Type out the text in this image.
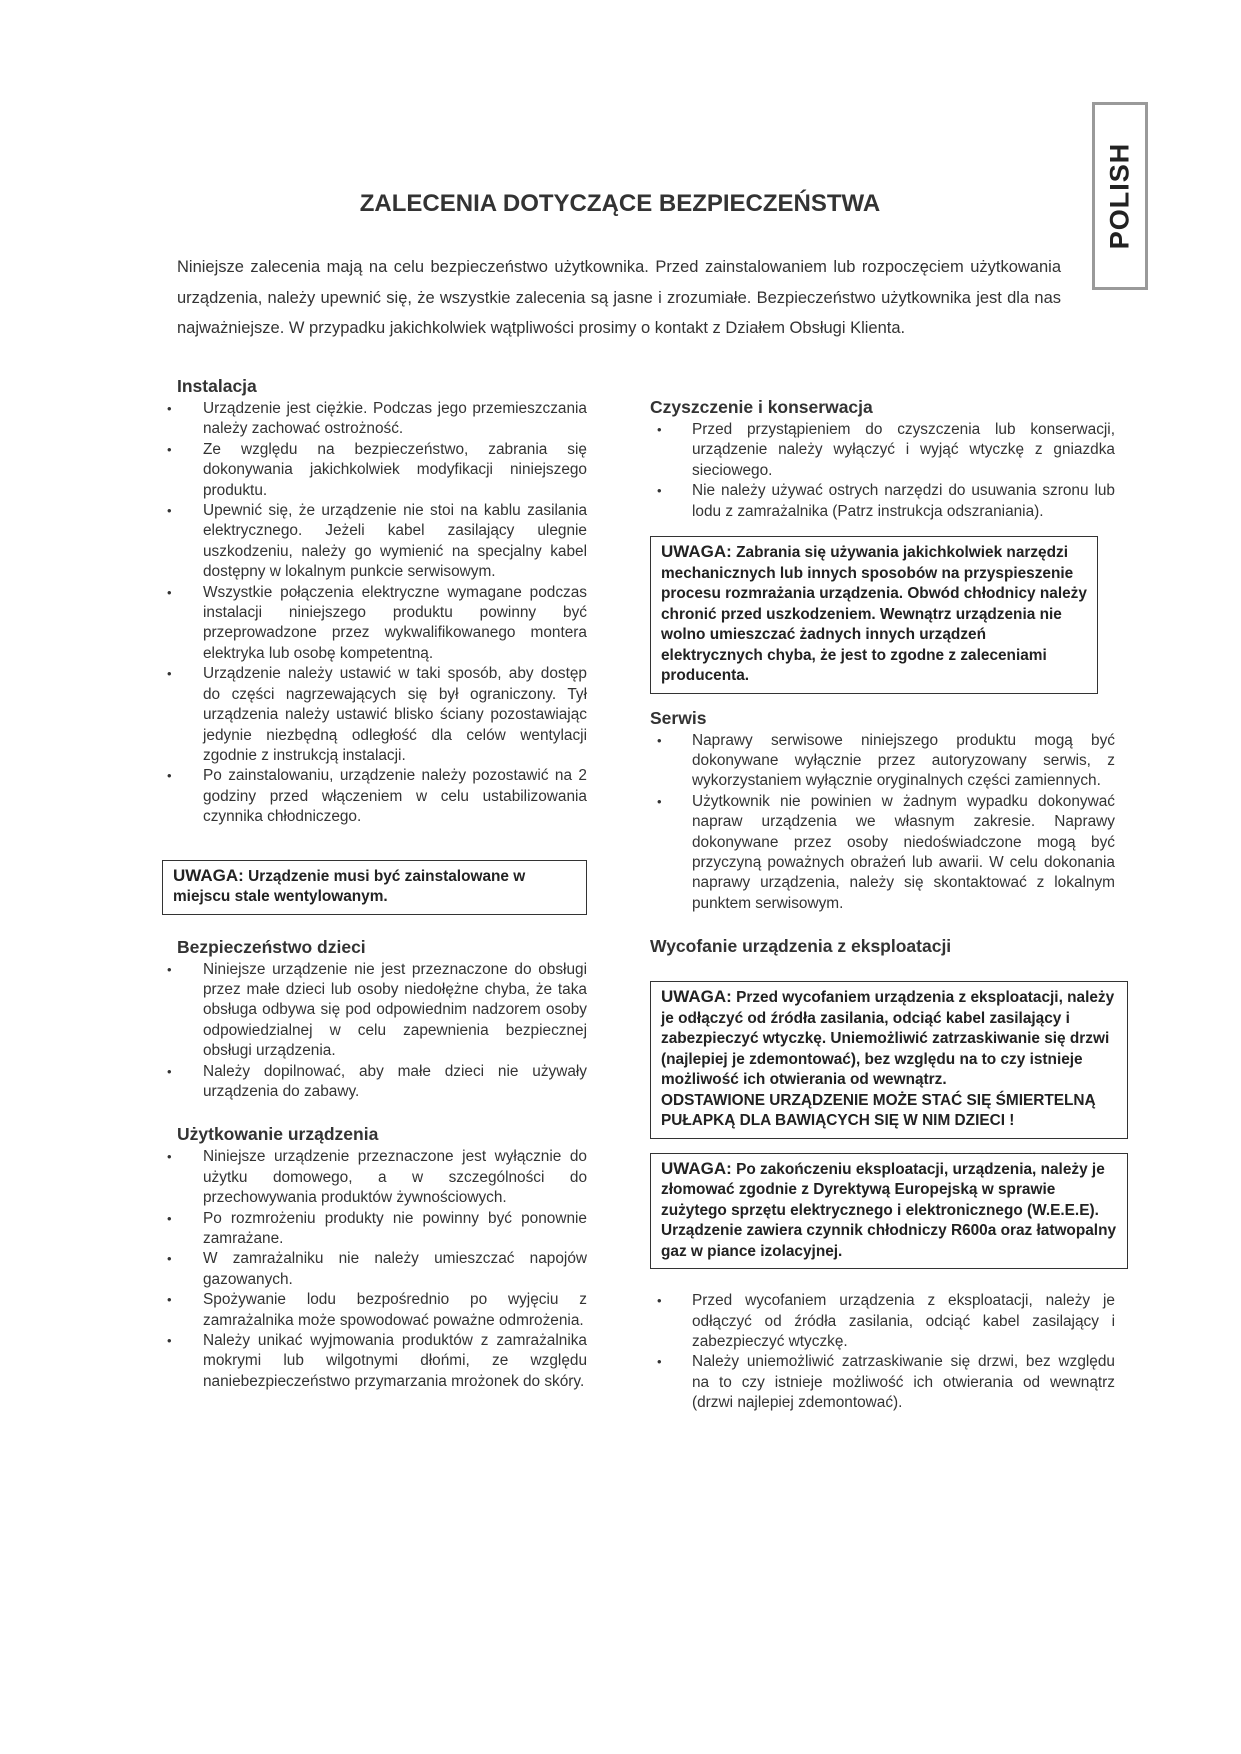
POLISH
ZALECENIA DOTYCZĄCE BEZPIECZEŃSTWA

Niniejsze zalecenia mają na celu bezpieczeństwo użytkownika. Przed zainstalowaniem lub rozpoczęciem użytkowania urządzenia, należy upewnić się, że wszystkie zalecenia są jasne i zrozumiałe. Bezpieczeństwo użytkownika jest dla nas najważniejsze. W przypadku jakichkolwiek wątpliwości prosimy o kontakt z Działem Obsługi Klienta.

Instalacja
• Urządzenie jest ciężkie. Podczas jego przemieszczania należy zachować ostrożność.
• Ze względu na bezpieczeństwo, zabrania się dokonywania jakichkolwiek modyfikacji niniejszego produktu.
• Upewnić się, że urządzenie nie stoi na kablu zasilania elektrycznego. Jeżeli kabel zasilający ulegnie uszkodzeniu, należy go wymienić na specjalny kabel dostępny w lokalnym punkcie serwisowym.
• Wszystkie połączenia elektryczne wymagane podczas instalacji niniejszego produktu powinny być przeprowadzone przez wykwalifikowanego montera elektryka lub osobę kompetentną.
• Urządzenie należy ustawić w taki sposób, aby dostęp do części nagrzewających się był ograniczony. Tył urządzenia należy ustawić blisko ściany pozostawiając jedynie niezbędną odległość dla celów wentylacji zgodnie z instrukcją instalacji.
• Po zainstalowaniu, urządzenie należy pozostawić na 2 godziny przed włączeniem w celu ustabilizowania czynnika chłodniczego.
UWAGA: Urządzenie musi być zainstalowane w miejscu stale wentylowanym.
Bezpieczeństwo dzieci
• Niniejsze urządzenie nie jest przeznaczone do obsługi przez małe dzieci lub osoby niedołężne chyba, że taka obsługa odbywa się pod odpowiednim nadzorem osoby odpowiedzialnej w celu zapewnienia bezpiecznej obsługi urządzenia.
• Należy dopilnować, aby małe dzieci nie używały urządzenia do zabawy.
Użytkowanie urządzenia
• Niniejsze urządzenie przeznaczone jest wyłącznie do użytku domowego, a w szczególności do przechowywania produktów żywnościowych.
• Po rozmrożeniu produkty nie powinny być ponownie zamrażane.
• W zamrażalniku nie należy umieszczać napojów gazowanych.
• Spożywanie lodu bezpośrednio po wyjęciu z zamrażalnika może spowodować poważne odmrożenia.
• Należy unikać wyjmowania produktów z zamrażalnika mokrymi lub wilgotnymi dłońmi, ze względu naniebezpieczeństwo przymarzania mrożonek do skóry.
Czyszczenie i konserwacja
• Przed przystąpieniem do czyszczenia lub konserwacji, urządzenie należy wyłączyć i wyjąć wtyczkę z gniazdka sieciowego.
• Nie należy używać ostrych narzędzi do usuwania szronu lub lodu z zamrażalnika (Patrz instrukcja odszraniania).
UWAGA: Zabrania się używania jakichkolwiek narzędzi mechanicznych lub innych sposobów na przyspieszenie procesu rozmrażania urządzenia. Obwód chłodnicy należy chronić przed uszkodzeniem. Wewnątrz urządzenia nie wolno umieszczać żadnych innych urządzeń elektrycznych chyba, że jest to zgodne z zaleceniami producenta.
Serwis
• Naprawy serwisowe niniejszego produktu mogą być dokonywane wyłącznie przez autoryzowany serwis, z wykorzystaniem wyłącznie oryginalnych części zamiennych.
• Użytkownik nie powinien w żadnym wypadku dokonywać napraw urządzenia we własnym zakresie. Naprawy dokonywane przez osoby niedoświadczone mogą być przyczyną poważnych obrażeń lub awarii. W celu dokonania naprawy urządzenia, należy się skontaktować z lokalnym punktem serwisowym.
Wycofanie urządzenia z eksploatacji
UWAGA: Przed wycofaniem urządzenia z eksploatacji, należy je odłączyć od źródła zasilania, odciąć kabel zasilający i zabezpieczyć wtyczkę. Uniemożliwić zatrzaskiwanie się drzwi (najlepiej je zdemontować), bez względu na to czy istnieje możliwość ich otwierania od wewnątrz.
ODSTAWIONE URZĄDZENIE MOŻE STAĆ SIĘ ŚMIERTELNĄ PUŁAPKĄ DLA BAWIĄCYCH SIĘ W NIM DZIECI !
UWAGA: Po zakończeniu eksploatacji, urządzenia, należy je złomować zgodnie z Dyrektywą Europejską w sprawie zużytego sprzętu elektrycznego i elektronicznego (W.E.E.E). Urządzenie zawiera czynnik chłodniczy R600a oraz łatwopalny gaz w piance izolacyjnej.
• Przed wycofaniem urządzenia z eksploatacji, należy je odłączyć od źródła zasilania, odciąć kabel zasilający i zabezpieczyć wtyczkę.
• Należy uniemożliwić zatrzaskiwanie się drzwi, bez względu na to czy istnieje możliwość ich otwierania od wewnątrz (drzwi najlepiej zdemontować).
